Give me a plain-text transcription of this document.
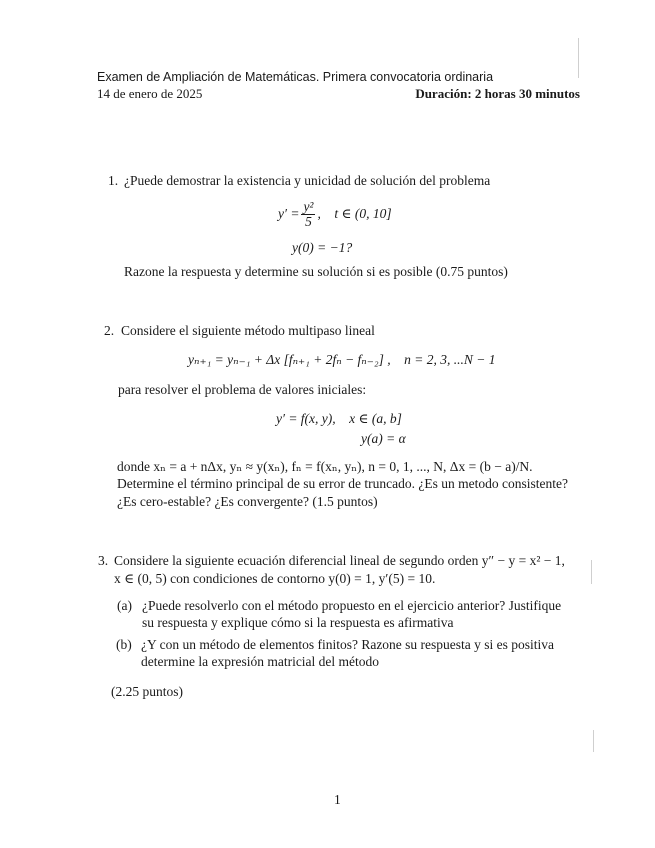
Examen de Ampliación de Matemáticas. Primera convocatoria ordinaria
14 de enero de 2025	Duración: 2 horas 30 minutos
1. ¿Puede demostrar la existencia y unicidad de solución del problema
$y' = \frac{\text{y²}}{5}$ ,    t ∈ (0, 10]
y(0) = −1?
Razone la respuesta y determine su solución si es posible (0.75 puntos)
2. Considere el siguiente método multipaso lineal
yₙ₊₁ = yₙ₋₁ + Δx [fₙ₊₁ + 2fₙ − fₙ₋₂] ,    n = 2, 3, ...N − 1
para resolver el problema de valores iniciales:
y′ = f(x, y),    x ∈ (a, b]
y(a) = α
donde xₙ = a + nΔx, yₙ ≈ y(xₙ), fₙ = f(xₙ, yₙ), n = 0, 1, ..., N, Δx = (b − a)/N.
Determine el término principal de su error de truncado. ¿Es un metodo consistente?
¿Es cero-estable? ¿Es convergente? (1.5 puntos)
3. Considere la siguiente ecuación diferencial lineal de segundo orden y″ − y = x² − 1,
x ∈ (0, 5) con condiciones de contorno y(0) = 1, y′(5) = 10.
(a) ¿Puede resolverlo con el método propuesto en el ejercicio anterior? Justifique
su respuesta y explique cómo si la respuesta es afirmativa
(b) ¿Y con un método de elementos finitos? Razone su respuesta y si es positiva
determine la expresión matricial del método
(2.25 puntos)
1
